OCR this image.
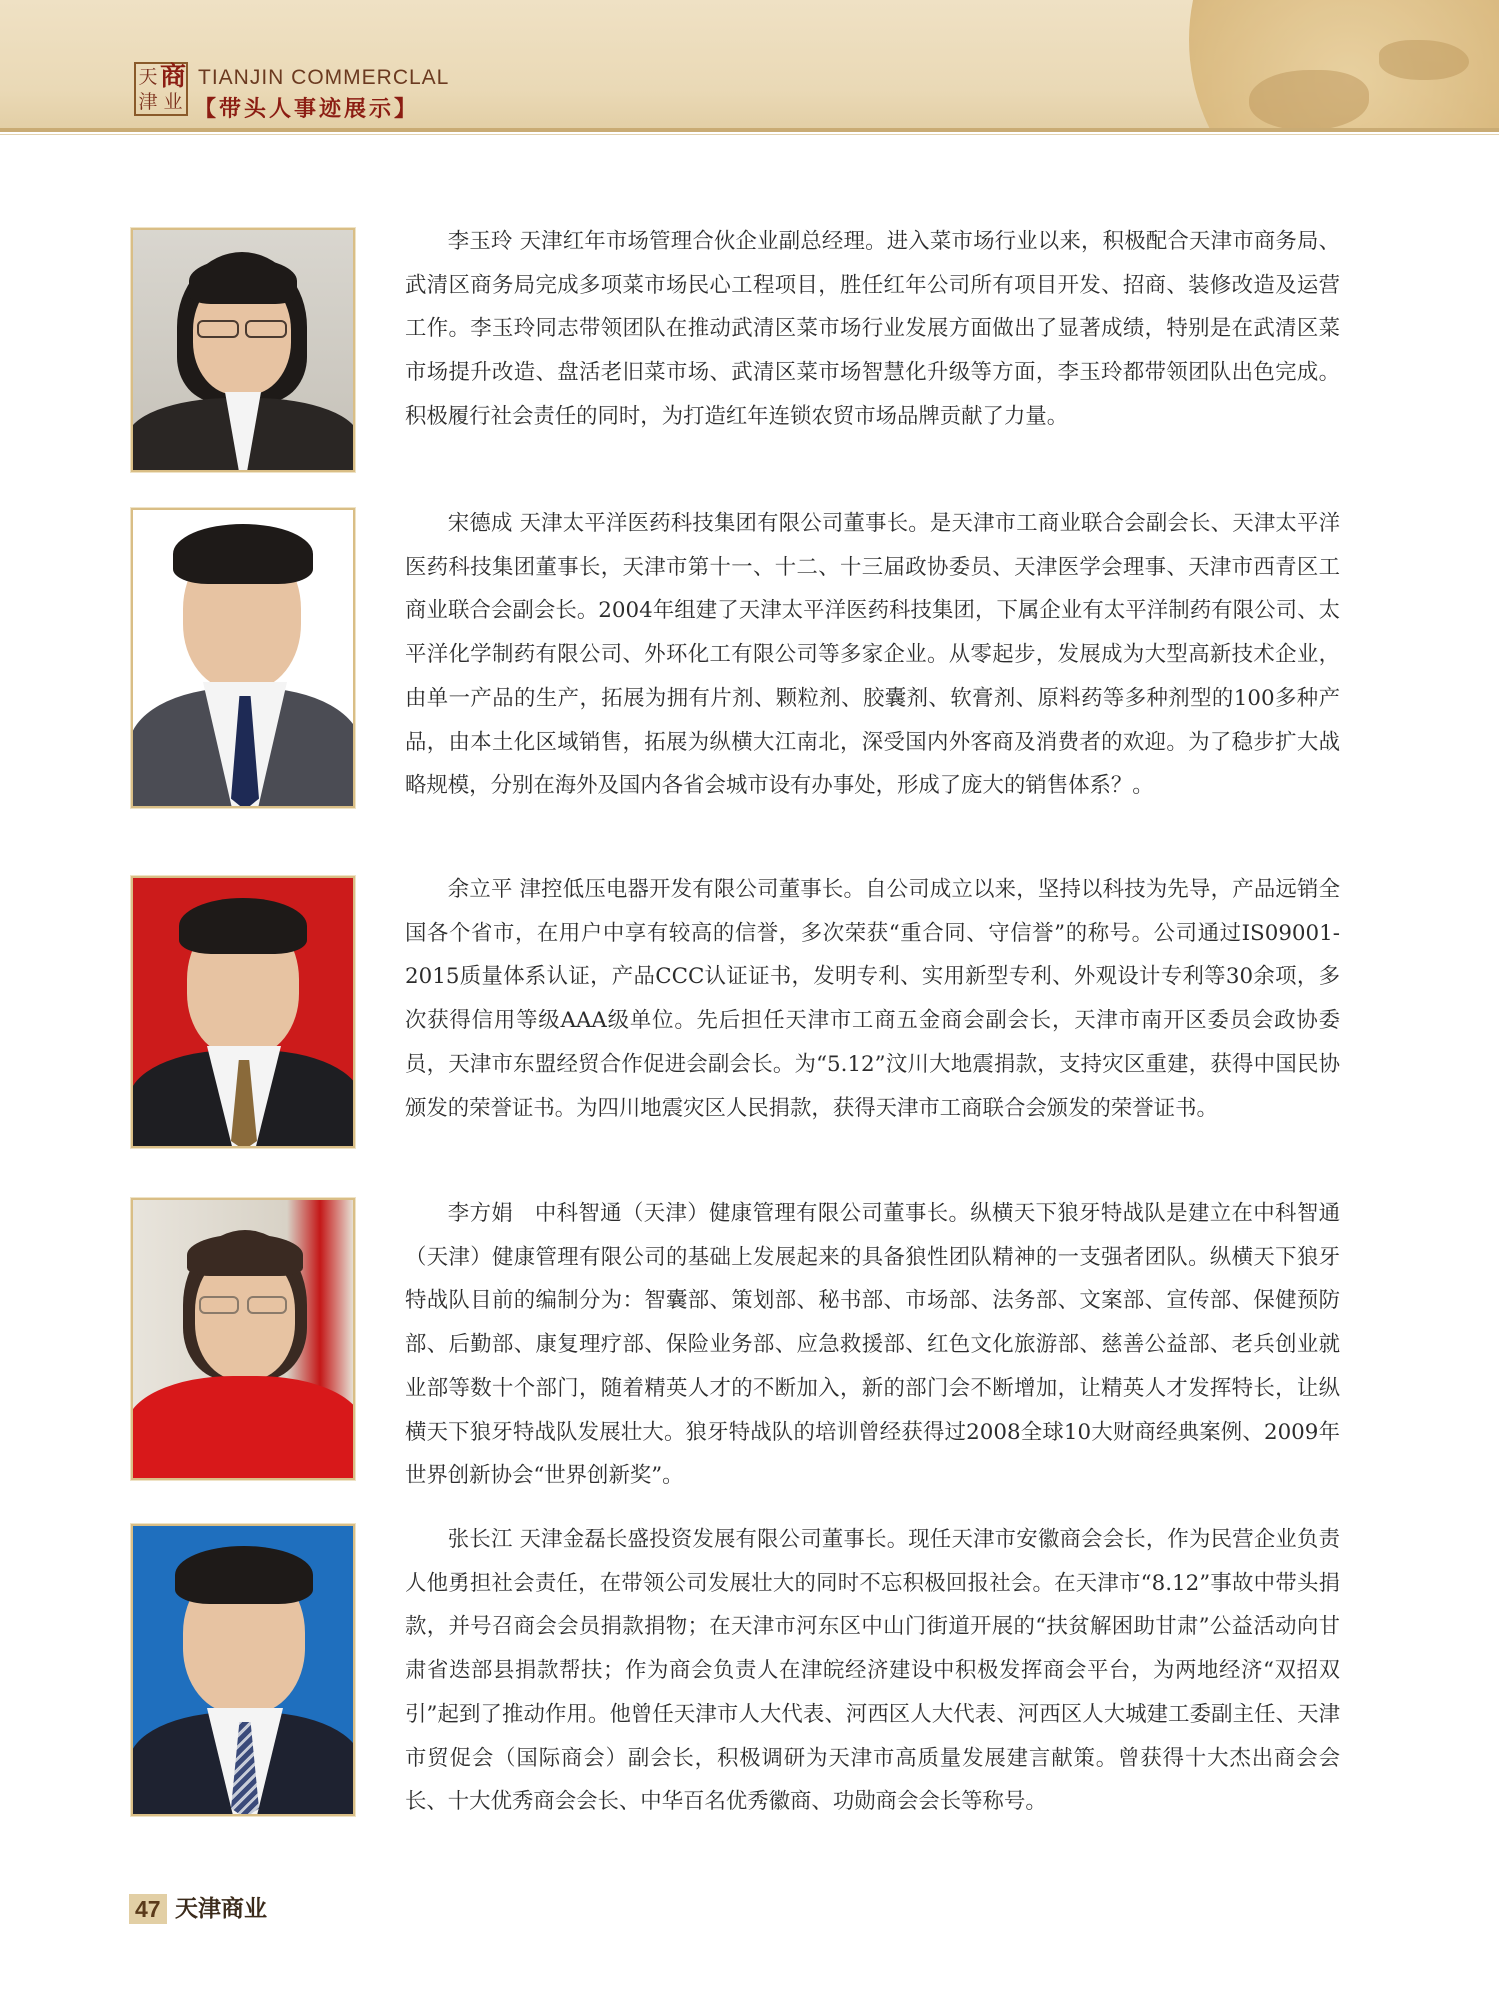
天 商
津 业
TIANJIN COMMERCLAL
【带头人事迹展示】

李玉玲 天津红年市场管理合伙企业副总经理。进入菜市场行业以来，积极配合天津市商务局、武清区商务局完成多项菜市场民心工程项目，胜任红年公司所有项目开发、招商、装修改造及运营工作。李玉玲同志带领团队在推动武清区菜市场行业发展方面做出了显著成绩，特别是在武清区菜市场提升改造、盘活老旧菜市场、武清区菜市场智慧化升级等方面，李玉玲都带领团队出色完成。积极履行社会责任的同时，为打造红年连锁农贸市场品牌贡献了力量。

宋德成 天津太平洋医药科技集团有限公司董事长。是天津市工商业联合会副会长、天津太平洋医药科技集团董事长，天津市第十一、十二、十三届政协委员、天津医学会理事、天津市西青区工商业联合会副会长。2004年组建了天津太平洋医药科技集团，下属企业有太平洋制药有限公司、太平洋化学制药有限公司、外环化工有限公司等多家企业。从零起步，发展成为大型高新技术企业，由单一产品的生产，拓展为拥有片剂、颗粒剂、胶囊剂、软膏剂、原料药等多种剂型的100多种产品，由本土化区域销售，拓展为纵横大江南北，深受国内外客商及消费者的欢迎。为了稳步扩大战略规模，分别在海外及国内各省会城市设有办事处，形成了庞大的销售体系？。

余立平 津控低压电器开发有限公司董事长。自公司成立以来，坚持以科技为先导，产品远销全国各个省市，在用户中享有较高的信誉，多次荣获“重合同、守信誉”的称号。公司通过IS09001-2015质量体系认证，产品CCC认证证书，发明专利、实用新型专利、外观设计专利等30余项，多次获得信用等级AAA级单位。先后担任天津市工商五金商会副会长，天津市南开区委员会政协委员，天津市东盟经贸合作促进会副会长。为“5.12”汶川大地震捐款，支持灾区重建，获得中国民协颁发的荣誉证书。为四川地震灾区人民捐款，获得天津市工商联合会颁发的荣誉证书。

李方娟　中科智通（天津）健康管理有限公司董事长。纵横天下狼牙特战队是建立在中科智通（天津）健康管理有限公司的基础上发展起来的具备狼性团队精神的一支强者团队。纵横天下狼牙特战队目前的编制分为：智囊部、策划部、秘书部、市场部、法务部、文案部、宣传部、保健预防部、后勤部、康复理疗部、保险业务部、应急救援部、红色文化旅游部、慈善公益部、老兵创业就业部等数十个部门，随着精英人才的不断加入，新的部门会不断增加，让精英人才发挥特长，让纵横天下狼牙特战队发展壮大。狼牙特战队的培训曾经获得过2008全球10大财商经典案例、2009年世界创新协会“世界创新奖”。

张长江 天津金磊长盛投资发展有限公司董事长。现任天津市安徽商会会长，作为民营企业负责人他勇担社会责任，在带领公司发展壮大的同时不忘积极回报社会。在天津市“8.12”事故中带头捐款，并号召商会会员捐款捐物；在天津市河东区中山门街道开展的“扶贫解困助甘肃”公益活动向甘肃省迭部县捐款帮扶；作为商会负责人在津皖经济建设中积极发挥商会平台，为两地经济“双招双引”起到了推动作用。他曾任天津市人大代表、河西区人大代表、河西区人大城建工委副主任、天津市贸促会（国际商会）副会长，积极调研为天津市高质量发展建言献策。曾获得十大杰出商会会长、十大优秀商会会长、中华百名优秀徽商、功勋商会会长等称号。

47 天津商业
